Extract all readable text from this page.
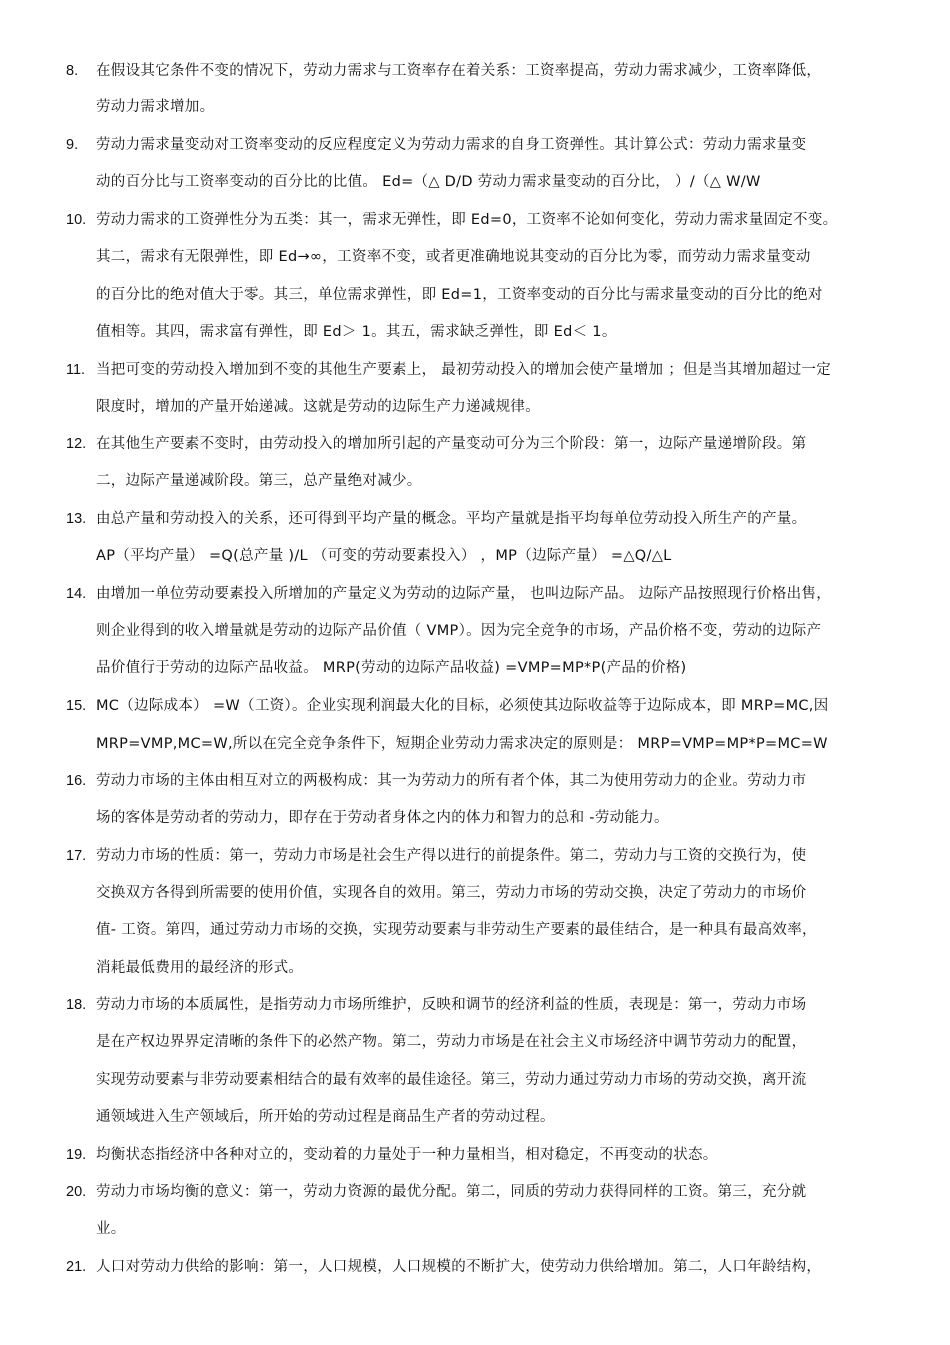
8. 在假设其它条件不变的情况下，劳动力需求与工资率存在着关系：工资率提高，劳动力需求减少，工资率降低，
劳动力需求增加。
9. 劳动力需求量变动对工资率变动的反应程度定义为劳动力需求的自身工资弹性。其计算公式：劳动力需求量变
动的百分比与工资率变动的百分比的比值。 Ed=（△ D/D 劳动力需求量变动的百分比， ）/（△ W/W
10. 劳动力需求的工资弹性分为五类：其一，需求无弹性，即 Ed=0，工资率不论如何变化，劳动力需求量固定不变。
其二，需求有无限弹性，即 Ed→∞，工资率不变，或者更准确地说其变动的百分比为零，而劳动力需求量变动
的百分比的绝对值大于零。其三，单位需求弹性，即 Ed=1，工资率变动的百分比与需求量变动的百分比的绝对
值相等。其四，需求富有弹性，即 Ed＞ 1。其五，需求缺乏弹性，即 Ed＜ 1。
11. 当把可变的劳动投入增加到不变的其他生产要素上， 最初劳动投入的增加会使产量增加 ；但是当其增加超过一定
限度时，增加的产量开始递减。这就是劳动的边际生产力递减规律。
12. 在其他生产要素不变时，由劳动投入的增加所引起的产量变动可分为三个阶段：第一，边际产量递增阶段。第
二，边际产量递减阶段。第三，总产量绝对减少。
13. 由总产量和劳动投入的关系，还可得到平均产量的概念。平均产量就是指平均每单位劳动投入所生产的产量。
AP（平均产量） =Q(总产量 )/L （可变的劳动要素投入） ，MP（边际产量） =△Q/△L
14. 由增加一单位劳动要素投入所增加的产量定义为劳动的边际产量， 也叫边际产品。 边际产品按照现行价格出售，
则企业得到的收入增量就是劳动的边际产品价值（ VMP）。因为完全竞争的市场，产品价格不变，劳动的边际产
品价值行于劳动的边际产品收益。 MRP(劳动的边际产品收益) =VMP=MP*P(产品的价格)
15. MC（边际成本） =W（工资）。企业实现利润最大化的目标，必须使其边际收益等于边际成本，即 MRP=MC,因
MRP=VMP,MC=W,所以在完全竞争条件下，短期企业劳动力需求决定的原则是： MRP=VMP=MP*P=MC=W
16. 劳动力市场的主体由相互对立的两极构成：其一为劳动力的所有者个体，其二为使用劳动力的企业。劳动力市
场的客体是劳动者的劳动力，即存在于劳动者身体之内的体力和智力的总和 -劳动能力。
17. 劳动力市场的性质：第一，劳动力市场是社会生产得以进行的前提条件。第二，劳动力与工资的交换行为，使
交换双方各得到所需要的使用价值，实现各自的效用。第三，劳动力市场的劳动交换，决定了劳动力的市场价
值- 工资。第四，通过劳动力市场的交换，实现劳动要素与非劳动生产要素的最佳结合，是一种具有最高效率，
消耗最低费用的最经济的形式。
18. 劳动力市场的本质属性，是指劳动力市场所维护，反映和调节的经济利益的性质，表现是：第一，劳动力市场
是在产权边界界定清晰的条件下的必然产物。第二，劳动力市场是在社会主义市场经济中调节劳动力的配置，
实现劳动要素与非劳动要素相结合的最有效率的最佳途径。第三，劳动力通过劳动力市场的劳动交换，离开流
通领域进入生产领域后，所开始的劳动过程是商品生产者的劳动过程。
19. 均衡状态指经济中各种对立的，变动着的力量处于一种力量相当，相对稳定，不再变动的状态。
20. 劳动力市场均衡的意义：第一，劳动力资源的最优分配。第二，同质的劳动力获得同样的工资。第三，充分就
业。
21. 人口对劳动力供给的影响：第一，人口规模，人口规模的不断扩大，使劳动力供给增加。第二，人口年龄结构，
